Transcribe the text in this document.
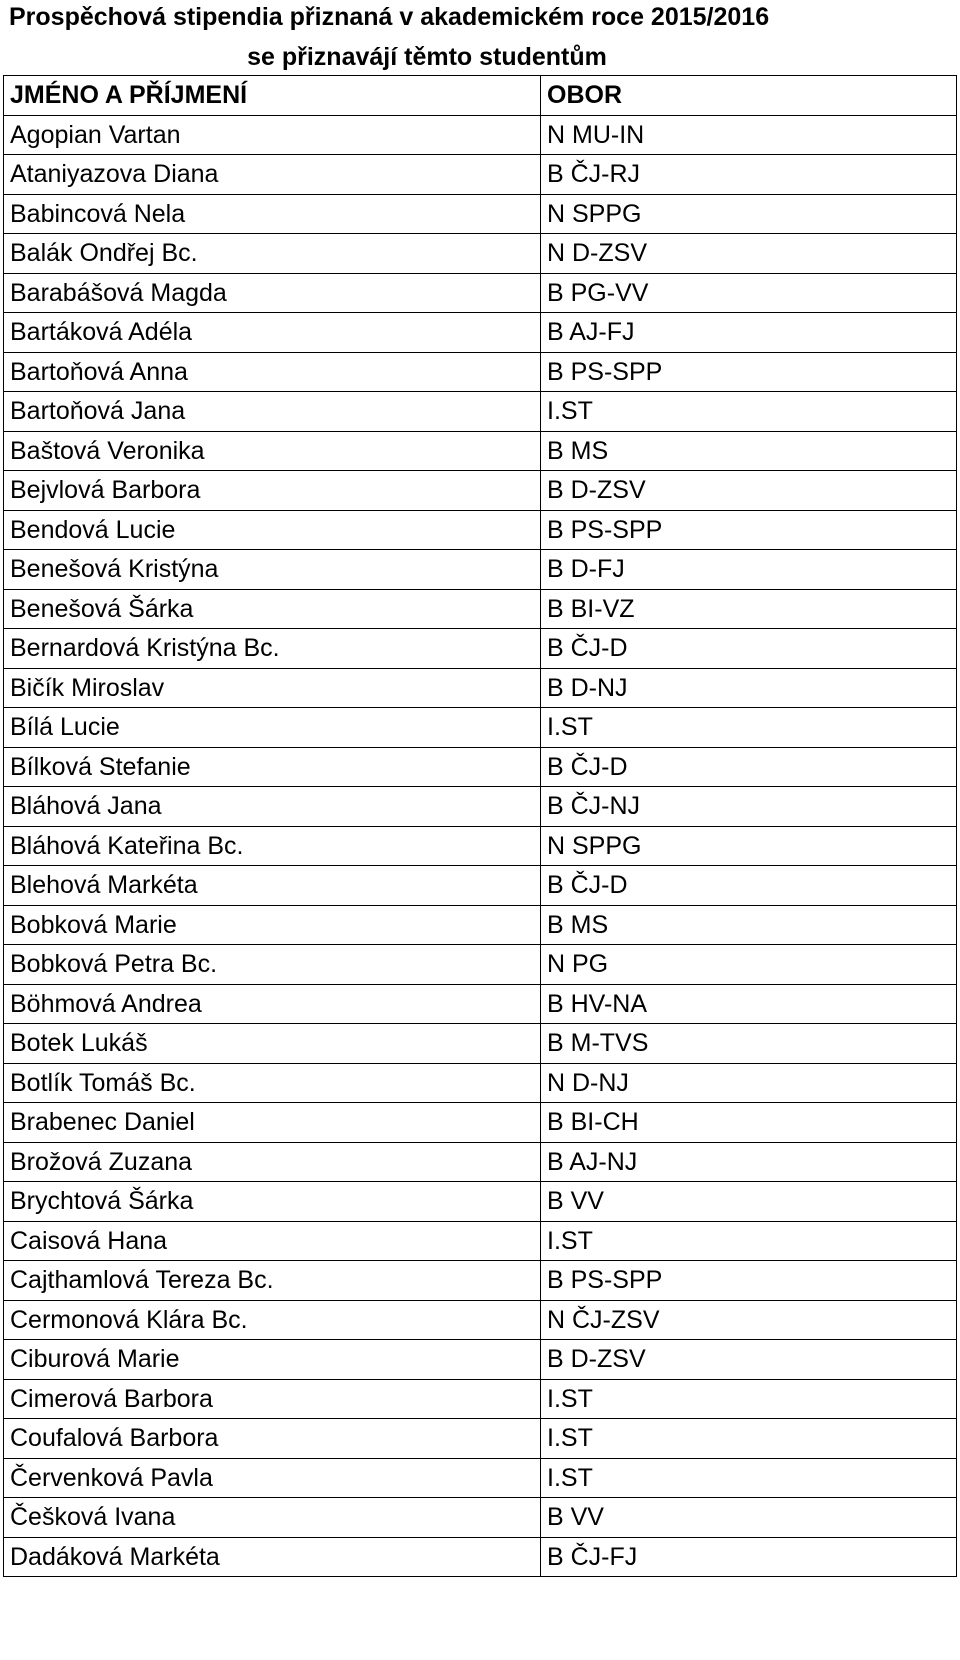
Prospěchová stipendia přiznaná v akademickém roce 2015/2016
se přiznavájí těmto studentům
JMÉNO A PŘÍJMENÍ	OBOR
Agopian Vartan	N MU-IN
Ataniyazova Diana	B ČJ-RJ
Babincová Nela	N SPPG
Balák Ondřej Bc.	N D-ZSV
Barabášová Magda	B PG-VV
Bartáková Adéla	B AJ-FJ
Bartoňová Anna	B PS-SPP
Bartoňová Jana	I.ST
Baštová Veronika	B MS
Bejvlová Barbora	B D-ZSV
Bendová Lucie	B PS-SPP
Benešová Kristýna	B D-FJ
Benešová Šárka	B BI-VZ
Bernardová Kristýna Bc.	B ČJ-D
Bičík Miroslav	B D-NJ
Bílá Lucie	I.ST
Bílková Stefanie	B ČJ-D
Bláhová Jana	B ČJ-NJ
Bláhová Kateřina Bc.	N SPPG
Blehová Markéta	B ČJ-D
Bobková Marie	B MS
Bobková Petra Bc.	N PG
Böhmová Andrea	B HV-NA
Botek Lukáš	B M-TVS
Botlík Tomáš Bc.	N D-NJ
Brabenec Daniel	B BI-CH
Brožová Zuzana	B AJ-NJ
Brychtová Šárka	B VV
Caisová Hana	I.ST
Cajthamlová Tereza Bc.	B PS-SPP
Cermonová Klára Bc.	N ČJ-ZSV
Ciburová Marie	B D-ZSV
Cimerová Barbora	I.ST
Coufalová Barbora	I.ST
Červenková Pavla	I.ST
Češková Ivana	B VV
Dadáková Markéta	B ČJ-FJ
